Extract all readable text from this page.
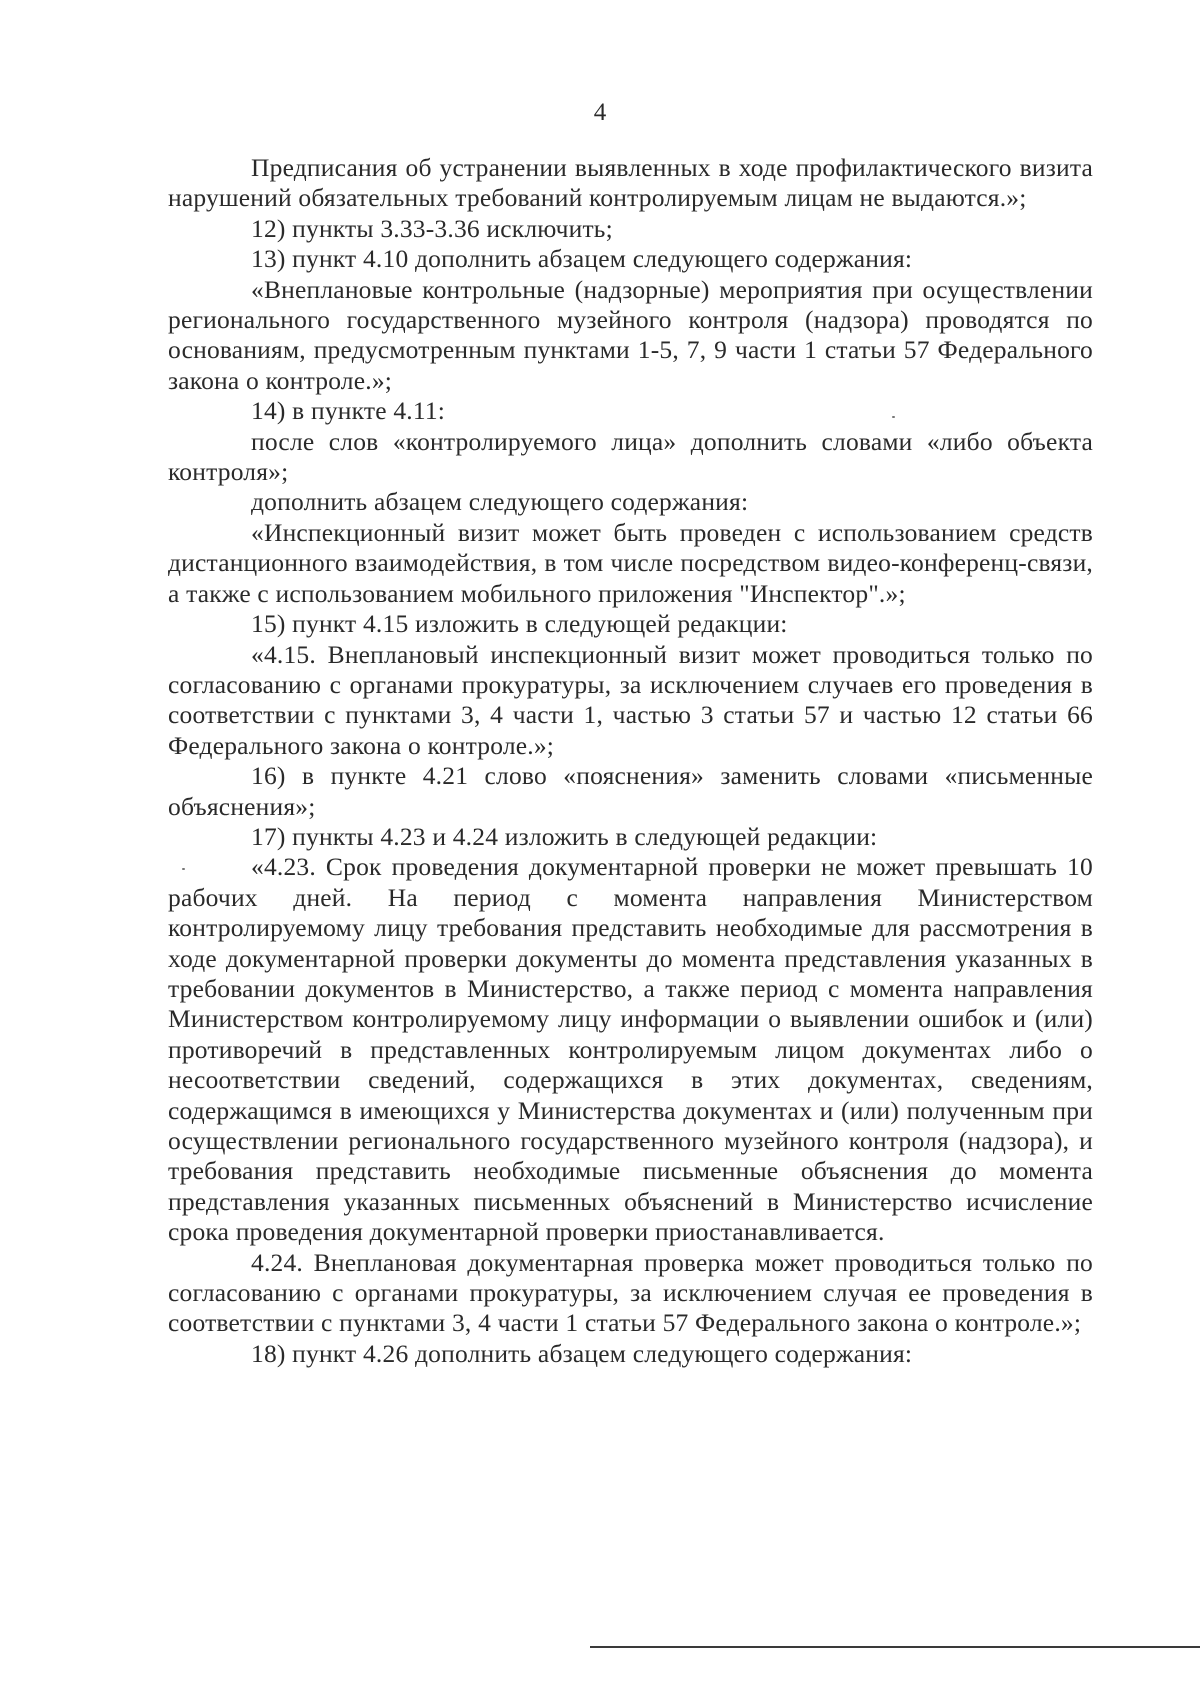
4

Предписания об устранении выявленных в ходе профилактического визита нарушений обязательных требований контролируемым лицам не выдаются.»;

12) пункты 3.33-3.36 исключить;

13) пункт 4.10 дополнить абзацем следующего содержания:

«Внеплановые контрольные (надзорные) мероприятия при осуществлении регионального государственного музейного контроля (надзора) проводятся по основаниям, предусмотренным пунктами 1-5, 7, 9 части 1 статьи 57 Федерального закона о контроле.»;

14) в пункте 4.11:

после слов «контролируемого лица» дополнить словами «либо объекта контроля»;

дополнить абзацем следующего содержания:

«Инспекционный визит может быть проведен с использованием средств дистанционного взаимодействия, в том числе посредством видео-конференц-связи, а также с использованием мобильного приложения "Инспектор".»;

15) пункт 4.15 изложить в следующей редакции:

«4.15. Внеплановый инспекционный визит может проводиться только по согласованию с органами прокуратуры, за исключением случаев его проведения в соответствии с пунктами 3, 4 части 1, частью 3 статьи 57 и частью 12 статьи 66 Федерального закона о контроле.»;

16) в пункте 4.21 слово «пояснения» заменить словами «письменные объяснения»;

17) пункты 4.23 и 4.24 изложить в следующей редакции:

«4.23. Срок проведения документарной проверки не может превышать 10 рабочих дней. На период с момента направления Министерством контролируемому лицу требования представить необходимые для рассмотрения в ходе документарной проверки документы до момента представления указанных в требовании документов в Министерство, а также период с момента направления Министерством контролируемому лицу информации о выявлении ошибок и (или) противоречий в представленных контролируемым лицом документах либо о несоответствии сведений, содержащихся в этих документах, сведениям, содержащимся в имеющихся у Министерства документах и (или) полученным при осуществлении регионального государственного музейного контроля (надзора), и требования представить необходимые письменные объяснения до момента представления указанных письменных объяснений в Министерство исчисление срока проведения документарной проверки приостанавливается.

4.24. Внеплановая документарная проверка может проводиться только по согласованию с органами прокуратуры, за исключением случая ее проведения в соответствии с пунктами 3, 4 части 1 статьи 57 Федерального закона о контроле.»;

18) пункт 4.26 дополнить абзацем следующего содержания:
